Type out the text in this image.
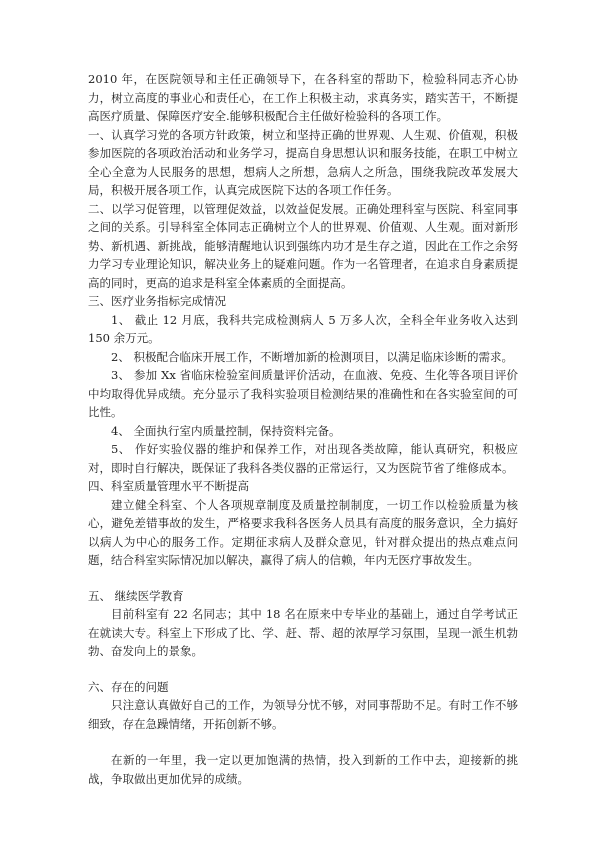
2010 年，在医院领导和主任正确领导下，在各科室的帮助下，检验科同志齐心协力，树立高度的事业心和责任心，在工作上积极主动，求真务实，踏实苦干，不断提高医疗质量、保障医疗安全.能够积极配合主任做好检验科的各项工作。

一、认真学习党的各项方针政策，树立和坚持正确的世界观、人生观、价值观，积极参加医院的各项政治活动和业务学习，提高自身思想认识和服务技能，在职工中树立全心全意为人民服务的思想，想病人之所想，急病人之所急，围绕我院改革发展大局，积极开展各项工作，认真完成医院下达的各项工作任务。

二、以学习促管理，以管理促效益，以效益促发展。正确处理科室与医院、科室同事之间的关系。引导科室全体同志正确树立个人的世界观、价值观、人生观。面对新形势、新机遇、新挑战，能够清醒地认识到强练内功才是生存之道，因此在工作之余努力学习专业理论知识，解决业务上的疑难问题。作为一名管理者，在追求自身素质提高的同时，更高的追求是科室全体素质的全面提高。

三、医疗业务指标完成情况

1、 截止 12 月底，我科共完成检测病人 5 万多人次，全科全年业务收入达到 150 余万元。

2、 积极配合临床开展工作，不断增加新的检测项目，以满足临床诊断的需求。

3、 参加 Xx 省临床检验室间质量评价活动，在血液、免疫、生化等各项目评价中均取得优异成绩。充分显示了我科实验项目检测结果的准确性和在各实验室间的可比性。

4、 全面执行室内质量控制，保持资料完备。

5、 作好实验仪器的维护和保养工作，对出现各类故障，能认真研究，积极应对，即时自行解决，既保证了我科各类仪器的正常运行，又为医院节省了维修成本。

四、科室质量管理水平不断提高

建立健全科室、个人各项规章制度及质量控制制度，一切工作以检验质量为核心，避免差错事故的发生，严格要求我科各医务人员具有高度的服务意识，全力搞好以病人为中心的服务工作。定期征求病人及群众意见，针对群众提出的热点难点问题，结合科室实际情况加以解决，赢得了病人的信赖，年内无医疗事故发生。

五、 继续医学教育

目前科室有 22 名同志；其中 18 名在原来中专毕业的基础上，通过自学考试正在就读大专。科室上下形成了比、学、赶、帮、超的浓厚学习氛围，呈现一派生机勃勃、奋发向上的景象。

六、存在的问题

只注意认真做好自己的工作，为领导分忧不够，对同事帮助不足。有时工作不够细致，存在急躁情绪，开拓创新不够。

在新的一年里，我一定以更加饱满的热情，投入到新的工作中去，迎接新的挑战，争取做出更加优异的成绩。
